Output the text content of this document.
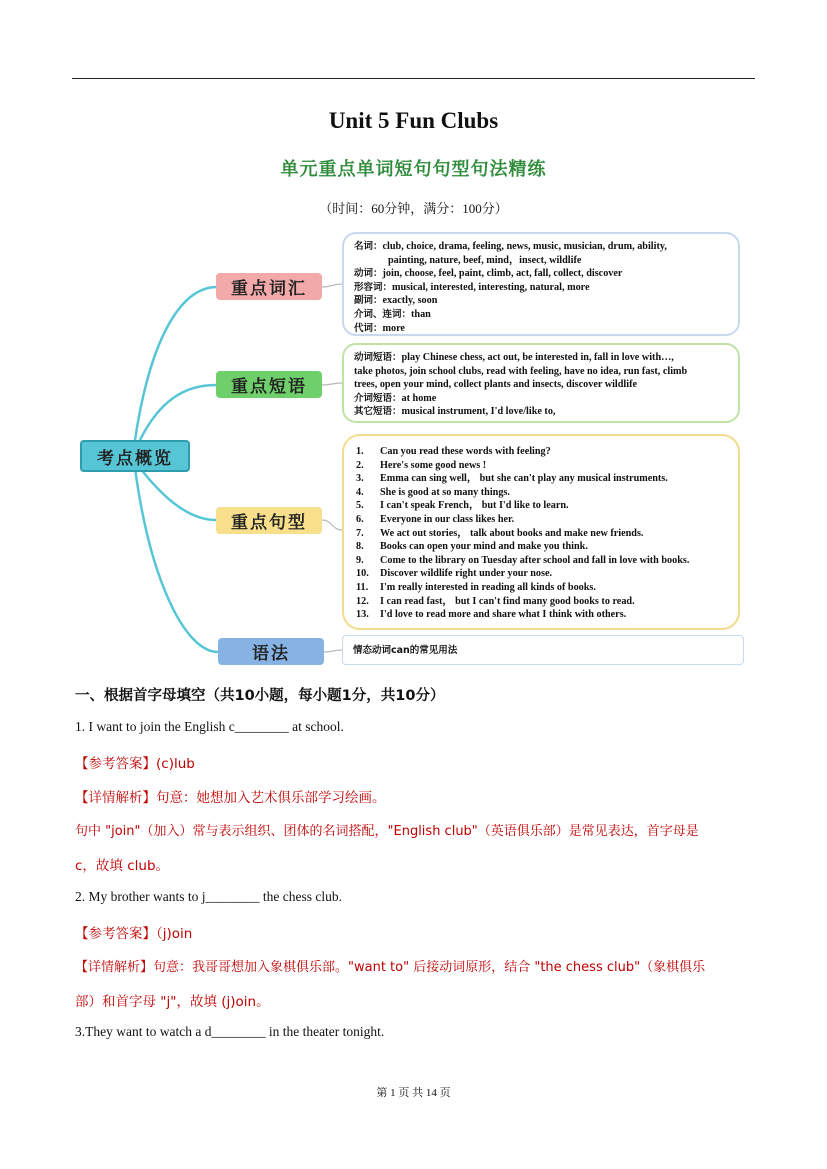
Unit 5 Fun Clubs
单元重点单词短句句型句法精练
（时间：60分钟，满分：100分）
考点概览
重点词汇
重点短语
重点句型
语法
名词：club, choice, drama, feeling, news, music, musician, drum, ability,
painting, nature, beef, mind，insect, wildlife
动词：join, choose, feel, paint, climb, act, fall, collect, discover
形容词：musical, interested, interesting, natural, more
副词：exactly, soon
介词、连词：than
代词：more
动词短语：play Chinese chess, act out, be interested in, fall in love with…,
take photos, join school clubs, read with feeling, have no idea, run fast, climb
trees, open your mind, collect plants and insects, discover wildlife
介词短语：at home
其它短语：musical instrument, I'd love/like to,
1. Can you read these words with feeling?
2. Here's some good news !
3. Emma can sing well， but she can't play any musical instruments.
4. She is good at so many things.
5. I can't speak French， but I'd like to learn.
6. Everyone in our class likes her.
7. We act out stories， talk about books and make new friends.
8. Books can open your mind and make you think.
9. Come to the library on Tuesday after school and fall in love with books.
10. Discover wildlife right under your nose.
11. I'm really interested in reading all kinds of books.
12. I can read fast， but I can't find many good books to read.
13. I'd love to read more and share what I think with others.
情态动词can的常见用法
一、根据首字母填空（共10小题，每小题1分，共10分）
1. I want to join the English c________ at school.
【参考答案】(c)lub
【详情解析】句意：她想加入艺术俱乐部学习绘画。
句中 "join"（加入）常与表示组织、团体的名词搭配，"English club"（英语俱乐部）是常见表达，首字母是
c，故填 club。
2. My brother wants to j________ the chess club.
【参考答案】（j)oin
【详情解析】句意：我哥哥想加入象棋俱乐部。"want to" 后接动词原形，结合 "the chess club"（象棋俱乐
部）和首字母 "j"，故填 (j)oin。
3.They want to watch a d________ in the theater tonight.
第 1 页 共 14 页
